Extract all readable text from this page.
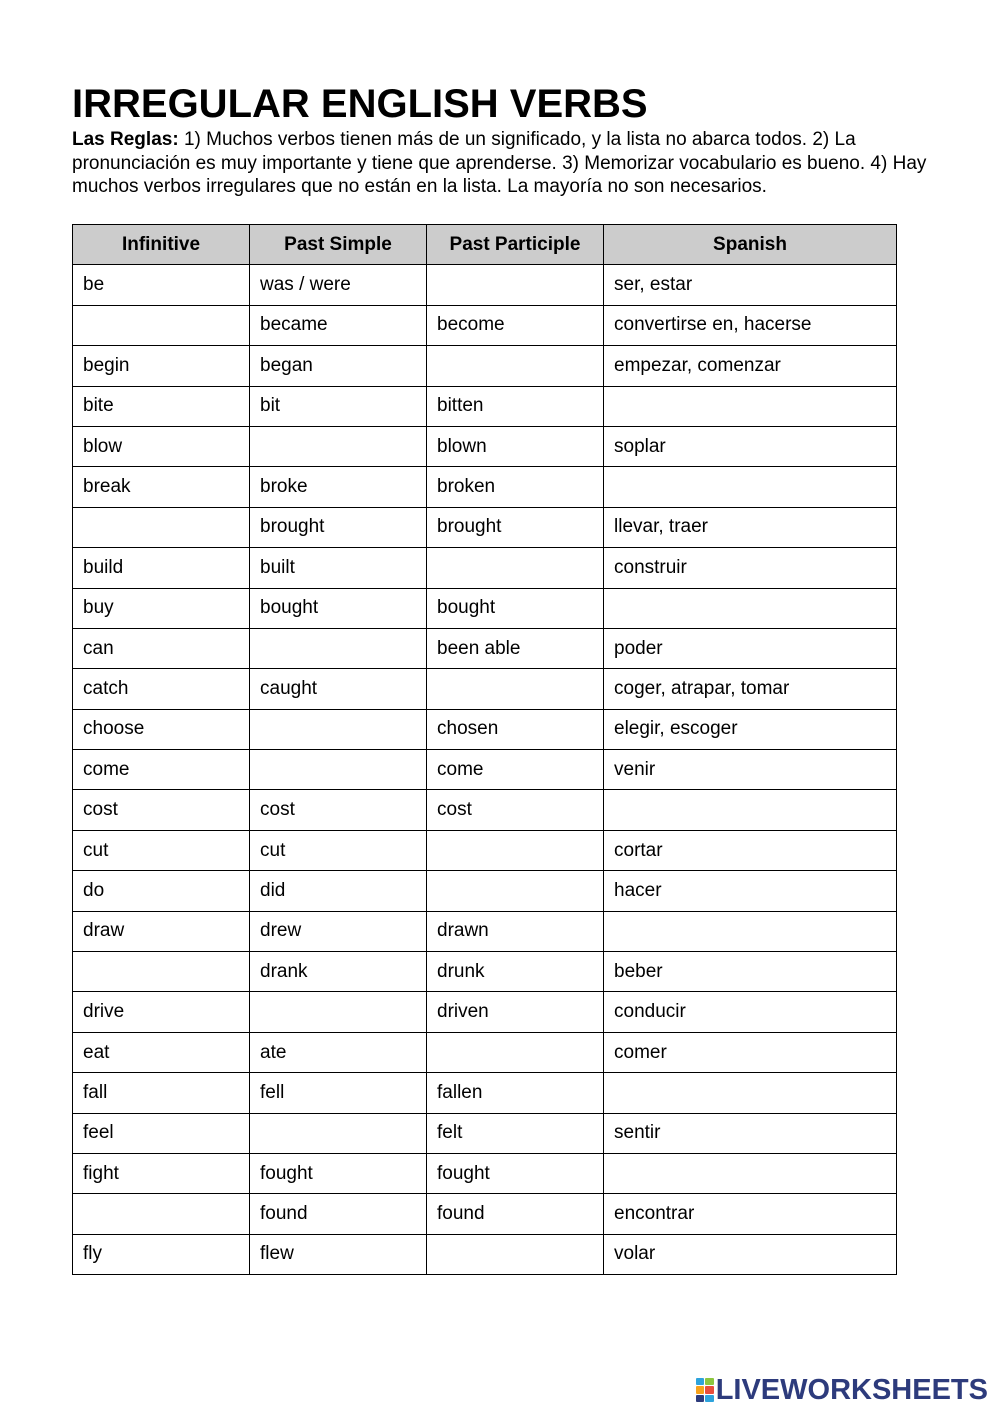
IRREGULAR ENGLISH VERBS

Las Reglas: 1) Muchos verbos tienen más de un significado, y la lista no abarca todos. 2) La pronunciación es muy importante y tiene que aprenderse. 3) Memorizar vocabulario es bueno. 4) Hay muchos verbos irregulares que no están en la lista. La mayoría no son necesarios.

Infinitive	Past Simple	Past Participle	Spanish
be	was / were		ser, estar
	became	become	convertirse en, hacerse
begin	began		empezar, comenzar
bite	bit	bitten	
blow		blown	soplar
break	broke	broken	
	brought	brought	llevar, traer
build	built		construir
buy	bought	bought	
can		been able	poder
catch	caught		coger, atrapar, tomar
choose		chosen	elegir, escoger
come		come	venir
cost	cost	cost	
cut	cut		cortar
do	did		hacer
draw	drew	drawn	
	drank	drunk	beber
drive		driven	conducir
eat	ate		comer
fall	fell	fallen	
feel		felt	sentir
fight	fought	fought	
	found	found	encontrar
fly	flew		volar
LIVEWORKSHEETS
